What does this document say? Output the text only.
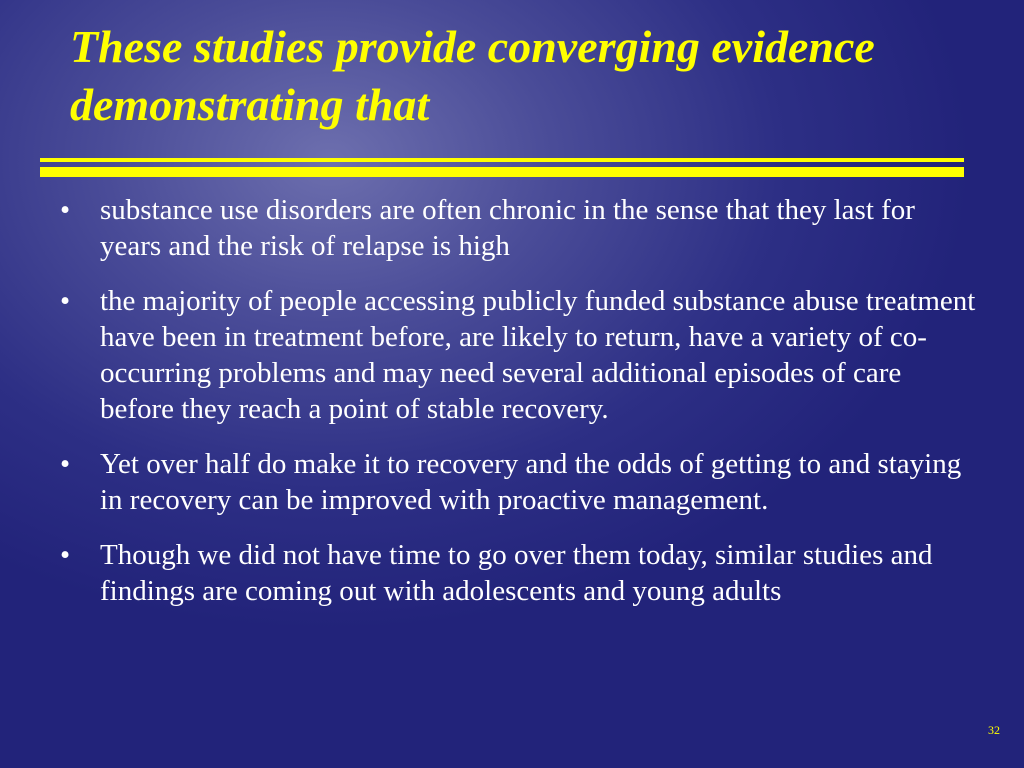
These studies provide converging evidence demonstrating that
• substance use disorders are often chronic in the sense that they last for years and the risk of relapse is high
• the majority of people accessing publicly funded substance abuse treatment have been in treatment before, are likely to return, have a variety of co-occurring problems and may need several additional episodes of care before they reach a point of stable recovery.
• Yet over half do make it to recovery and the odds of getting to and staying in recovery can be improved with proactive management.
• Though we did not have time to go over them today, similar studies and findings are coming out with adolescents and young adults
32
